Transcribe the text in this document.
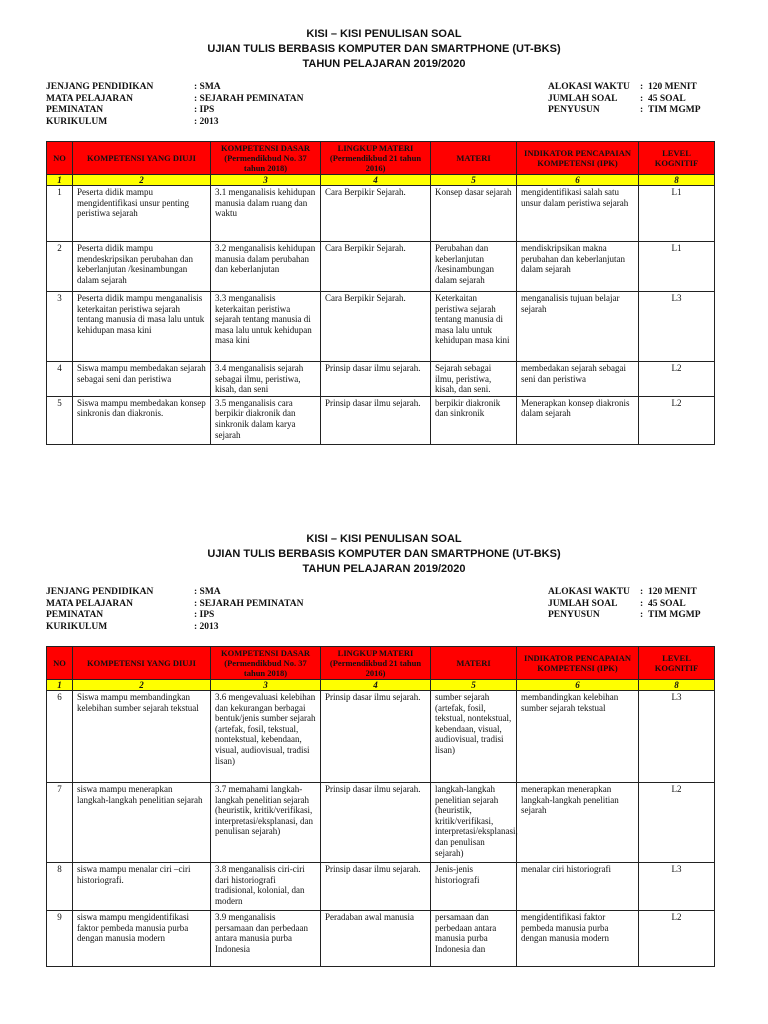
KISI – KISI PENULISAN SOAL
UJIAN TULIS BERBASIS KOMPUTER DAN SMARTPHONE (UT-BKS)
TAHUN PELAJARAN 2019/2020
JENJANG PENDIDIKAN	: SMA
MATA PELAJARAN	: SEJARAH PEMINATAN
PEMINATAN	: IPS
KURIKULUM	: 2013
ALOKASI WAKTU	: 120 MENIT
JUMLAH SOAL	: 45 SOAL
PENYUSUN	: TIM MGMP
NO	KOMPETENSI YANG DIUJI	KOMPETENSI DASAR (Permendikbud No. 37 tahun 2018)	LINGKUP MATERI (Permendikbud 21 tahun 2016)	MATERI	INDIKATOR PENCAPAIAN KOMPETENSI (IPK)	LEVEL KOGNITIF
1	2	3	4	5	6	8
1	Peserta didik mampu mengidentifikasi unsur penting peristiwa sejarah	3.1 menganalisis kehidupan manusia dalam ruang dan waktu	Cara Berpikir Sejarah.	Konsep dasar sejarah	mengidentifikasi salah satu unsur dalam peristiwa sejarah	L1
2	Peserta didik mampu mendeskripsikan perubahan dan keberlanjutan /kesinambungan dalam sejarah	3.2 menganalisis kehidupan manusia dalam perubahan dan keberlanjutan	Cara Berpikir Sejarah.	Perubahan dan keberlanjutan /kesinambungan dalam sejarah	mendiskripsikan makna perubahan dan keberlanjutan dalam sejarah	L1
3	Peserta didik mampu menganalisis keterkaitan peristiwa sejarah tentang manusia di masa lalu untuk kehidupan masa kini	3.3 menganalisis keterkaitan peristiwa sejarah tentang manusia di masa lalu untuk kehidupan masa kini	Cara Berpikir Sejarah.	Keterkaitan peristiwa sejarah tentang manusia di masa lalu untuk kehidupan masa kini	menganalisis tujuan belajar sejarah	L3
4	Siswa mampu membedakan sejarah sebagai seni dan peristiwa	3.4 menganalisis sejarah sebagai ilmu, peristiwa, kisah, dan seni	Prinsip dasar ilmu sejarah.	Sejarah sebagai ilmu, peristiwa, kisah, dan seni.	membedakan sejarah sebagai seni dan peristiwa	L2
5	Siswa mampu membedakan konsep sinkronis dan diakronis.	3.5 menganalisis cara berpikir diakronik dan sinkronik dalam karya sejarah	Prinsip dasar ilmu sejarah.	berpikir diakronik dan sinkronik	Menerapkan konsep diakronis dalam sejarah	L2
KISI – KISI PENULISAN SOAL
UJIAN TULIS BERBASIS KOMPUTER DAN SMARTPHONE (UT-BKS)
TAHUN PELAJARAN 2019/2020
JENJANG PENDIDIKAN	: SMA
MATA PELAJARAN	: SEJARAH PEMINATAN
PEMINATAN	: IPS
KURIKULUM	: 2013
ALOKASI WAKTU	: 120 MENIT
JUMLAH SOAL	: 45 SOAL
PENYUSUN	: TIM MGMP
NO	KOMPETENSI YANG DIUJI	KOMPETENSI DASAR (Permendikbud No. 37 tahun 2018)	LINGKUP MATERI (Permendikbud 21 tahun 2016)	MATERI	INDIKATOR PENCAPAIAN KOMPETENSI (IPK)	LEVEL KOGNITIF
1	2	3	4	5	6	8
6	Siswa mampu membandingkan kelebihan sumber sejarah tekstual	3.6 mengevaluasi kelebihan dan kekurangan berbagai bentuk/jenis sumber sejarah (artefak, fosil, tekstual, nontekstual, kebendaan, visual, audiovisual, tradisi lisan)	Prinsip dasar ilmu sejarah.	sumber sejarah (artefak, fosil, tekstual, nontekstual, kebendaan, visual, audiovisual, tradisi lisan)	membandingkan kelebihan sumber sejarah tekstual	L3
7	siswa mampu menerapkan langkah-langkah penelitian sejarah	3.7 memahami langkah-langkah penelitian sejarah (heuristik, kritik/verifikasi, interpretasi/eksplanasi, dan penulisan sejarah)	Prinsip dasar ilmu sejarah.	langkah-langkah penelitian sejarah (heuristik, kritik/verifikasi, interpretasi/eksplanasi, dan penulisan sejarah)	menerapkan menerapkan langkah-langkah penelitian sejarah	L2
8	siswa mampu menalar ciri –ciri historiografi.	3.8 menganalisis ciri-ciri dari historiografi tradisional, kolonial, dan modern	Prinsip dasar ilmu sejarah.	Jenis-jenis historiografi	menalar ciri historiografi	L3
9	siswa mampu mengidentifikasi faktor pembeda manusia purba dengan manusia modern	3.9 menganalisis persamaan dan perbedaan antara manusia purba Indonesia	Peradaban awal manusia	persamaan dan perbedaan antara manusia purba Indonesia dan	mengidentifikasi faktor pembeda manusia purba dengan manusia modern	L2
